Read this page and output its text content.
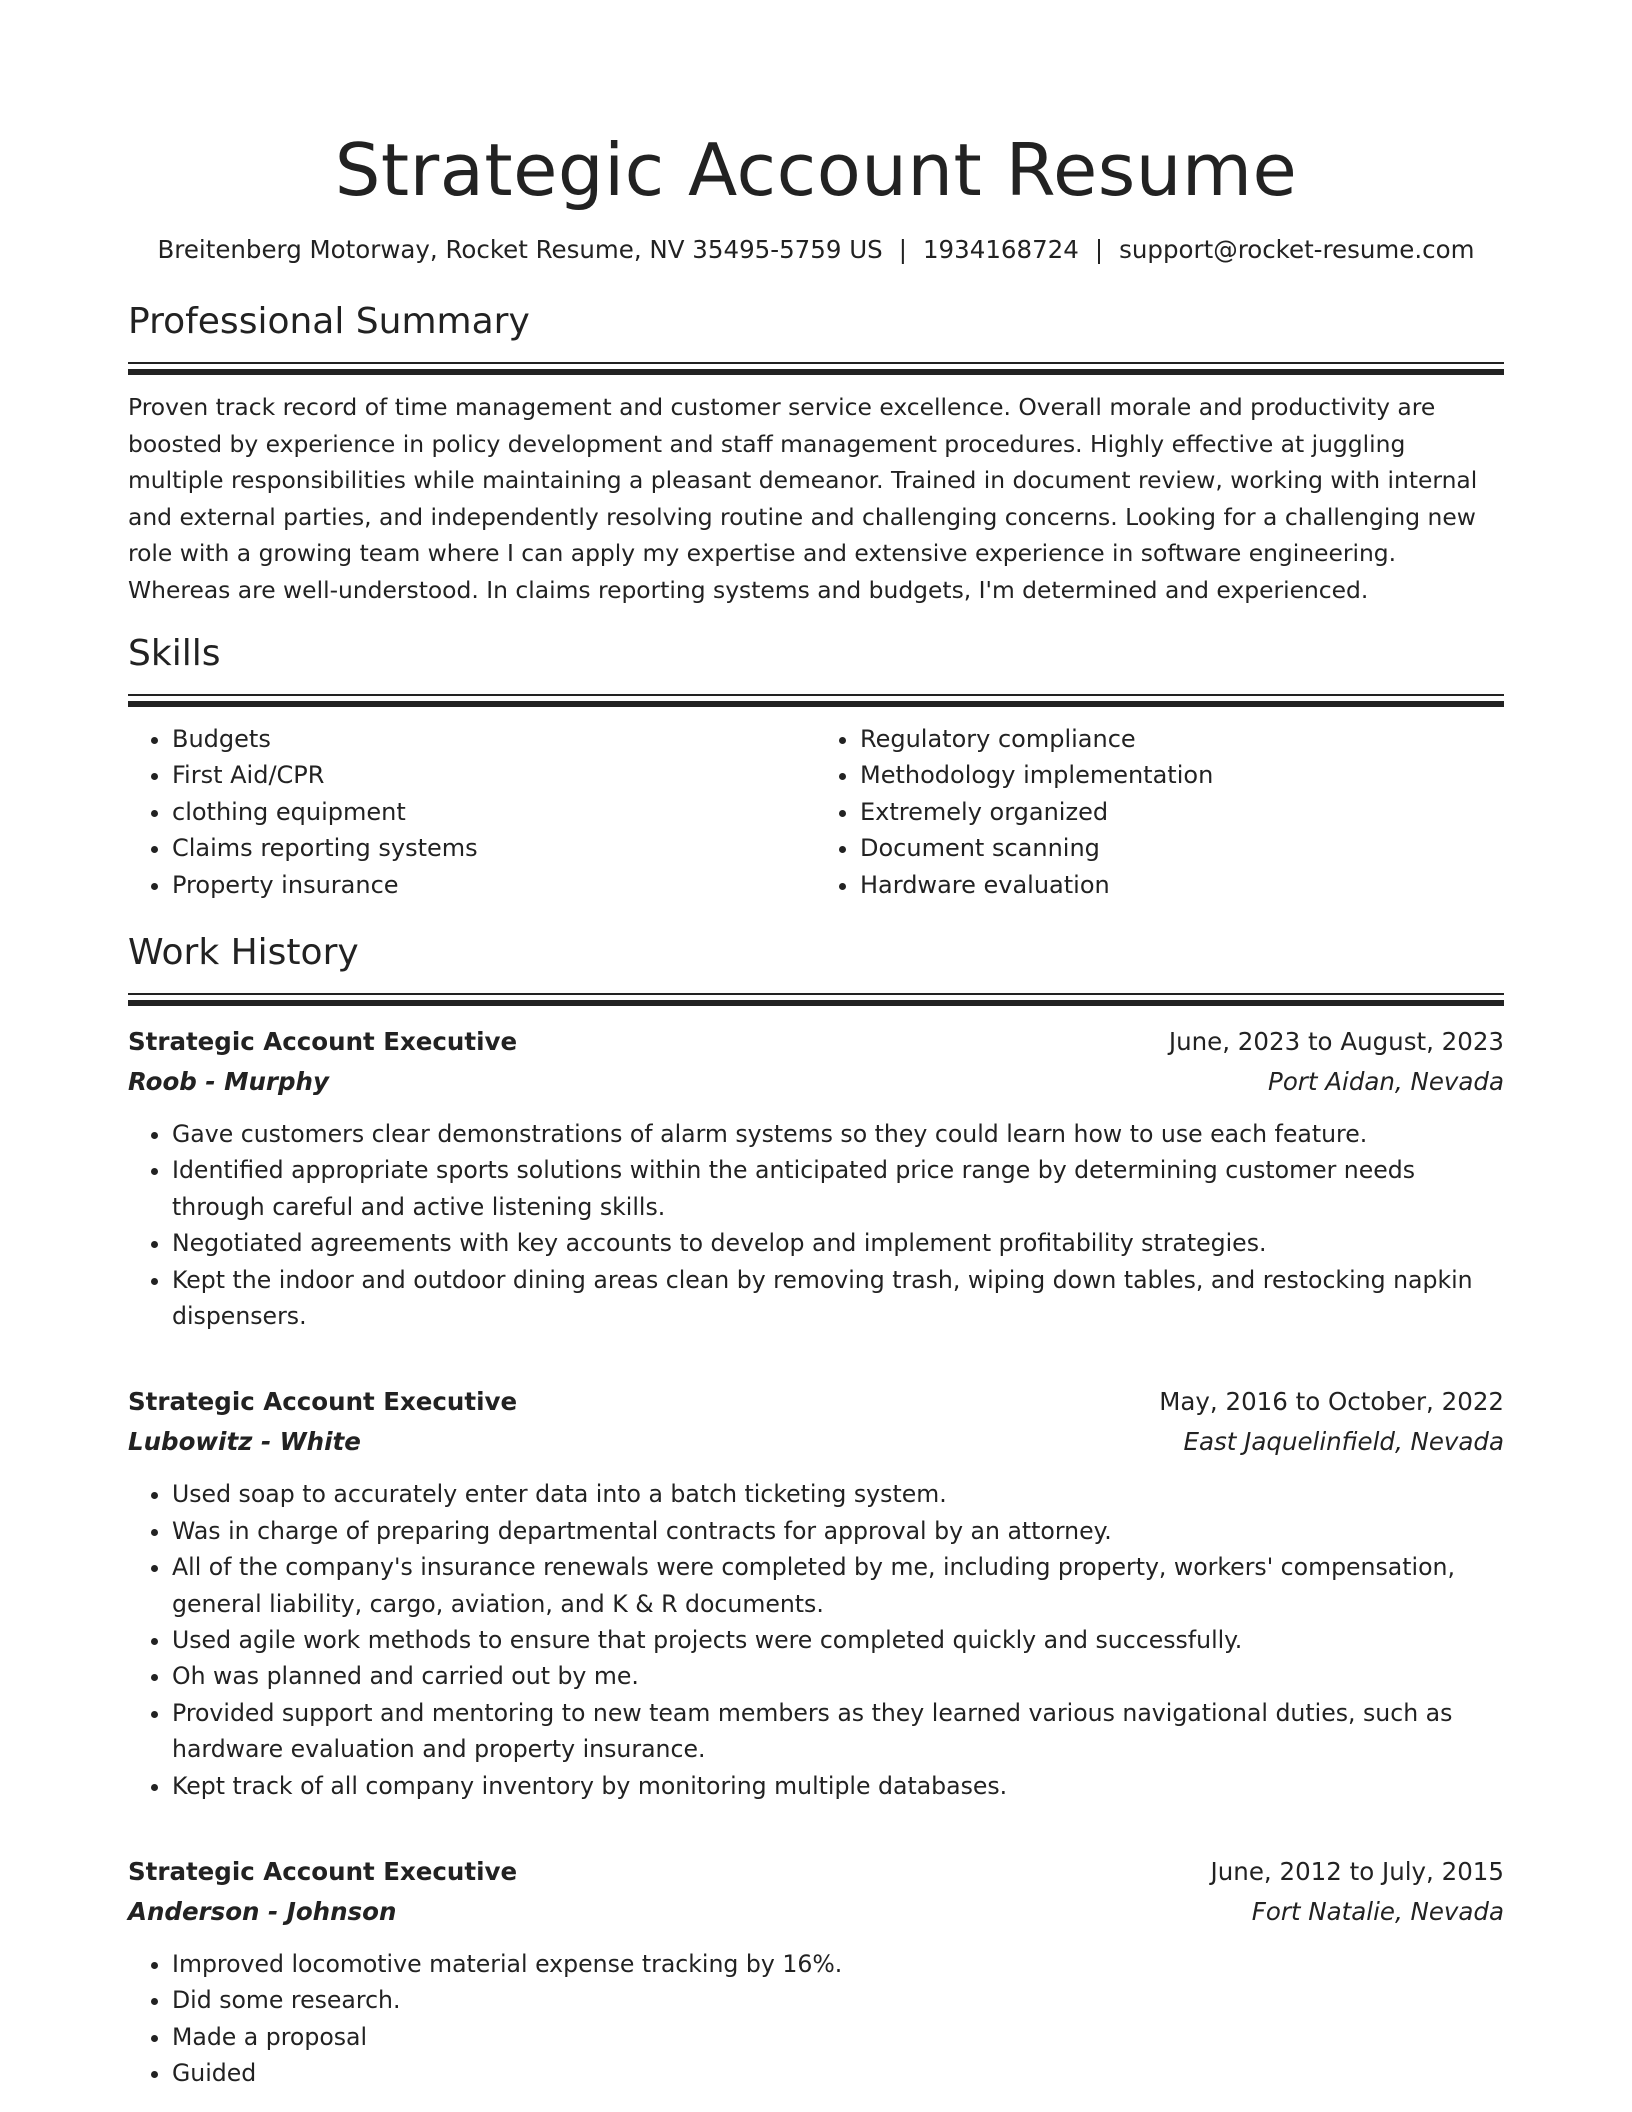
Strategic Account Resume
Breitenberg Motorway, Rocket Resume, NV 35495-5759 US | 1934168724 | support@rocket-resume.com
Professional Summary

Proven track record of time management and customer service excellence. Overall morale and productivity are boosted by experience in policy development and staff management procedures. Highly effective at juggling multiple responsibilities while maintaining a pleasant demeanor. Trained in document review, working with internal and external parties, and independently resolving routine and challenging concerns. Looking for a challenging new role with a growing team where I can apply my expertise and extensive experience in software engineering. Whereas are well-understood. In claims reporting systems and budgets, I'm determined and experienced.

Skills
• Budgets
• First Aid/CPR
• clothing equipment
• Claims reporting systems
• Property insurance
• Regulatory compliance
• Methodology implementation
• Extremely organized
• Document scanning
• Hardware evaluation
Work History
Strategic Account Executive	June, 2023 to August, 2023
Roob - Murphy	Port Aidan, Nevada
• Gave customers clear demonstrations of alarm systems so they could learn how to use each feature.
• Identified appropriate sports solutions within the anticipated price range by determining customer needs through careful and active listening skills.
• Negotiated agreements with key accounts to develop and implement profitability strategies.
• Kept the indoor and outdoor dining areas clean by removing trash, wiping down tables, and restocking napkin dispensers.
Strategic Account Executive	May, 2016 to October, 2022
Lubowitz - White	East Jaquelinfield, Nevada
• Used soap to accurately enter data into a batch ticketing system.
• Was in charge of preparing departmental contracts for approval by an attorney.
• All of the company's insurance renewals were completed by me, including property, workers' compensation, general liability, cargo, aviation, and K & R documents.
• Used agile work methods to ensure that projects were completed quickly and successfully.
• Oh was planned and carried out by me.
• Provided support and mentoring to new team members as they learned various navigational duties, such as hardware evaluation and property insurance.
• Kept track of all company inventory by monitoring multiple databases.
Strategic Account Executive	June, 2012 to July, 2015
Anderson - Johnson	Fort Natalie, Nevada
• Improved locomotive material expense tracking by 16%.
• Did some research.
• Made a proposal
• Guided
